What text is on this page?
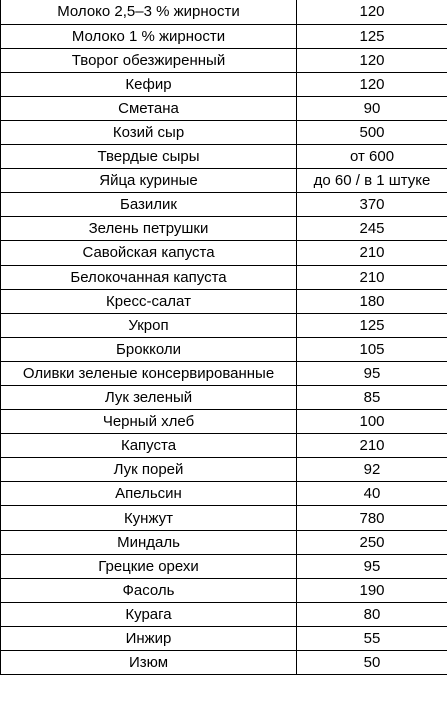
Молоко 2,5–3 % жирности	120
Молоко 1 % жирности	125
Творог обезжиренный	120
Кефир	120
Сметана	90
Козий сыр	500
Твердые сыры	от 600
Яйца куриные	до 60 / в 1 штуке
Базилик	370
Зелень петрушки	245
Савойская капуста	210
Белокочанная капуста	210
Кресс-салат	180
Укроп	125
Брокколи	105
Оливки зеленые консервированные	95
Лук зеленый	85
Черный хлеб	100
Капуста	210
Лук порей	92
Апельсин	40
Кунжут	780
Миндаль	250
Грецкие орехи	95
Фасоль	190
Курага	80
Инжир	55
Изюм	50
